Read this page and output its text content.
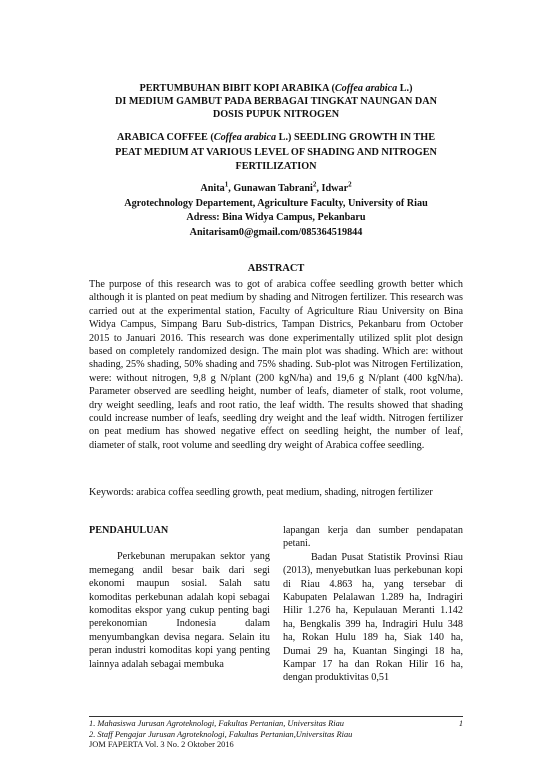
PERTUMBUHAN BIBIT KOPI ARABIKA (Coffea arabica L.)
DI MEDIUM GAMBUT PADA BERBAGAI TINGKAT NAUNGAN DAN
DOSIS PUPUK NITROGEN

ARABICA COFFEE (Coffea arabica L.) SEEDLING GROWTH IN THE
PEAT MEDIUM AT VARIOUS LEVEL OF SHADING AND NITROGEN
FERTILIZATION

Anita$^1$, Gunawan Tabrani$^2$, Idwar$^2$
Agrotechnology Departement, Agriculture Faculty, University of Riau
Adress: Bina Widya Campus, Pekanbaru
Anitarisam0@gmail.com/085364519844
ABSTRACT

The purpose of this research was to got of arabica coffee seedling growth better which although it is planted on peat medium by shading and Nitrogen fertilizer. This research was carried out at the experimental station, Faculty of Agriculture Riau University on Bina Widya Campus, Simpang Baru Sub-districs, Tampan Districs, Pekanbaru from October 2015 to Januari 2016. This research was done experimentally utilized split plot design based on completely randomized design. The main plot was shading. Which are: without shading, 25% shading, 50% shading and 75% shading. Sub-plot was Nitrogen Fertilization, were: without nitrogen, 9,8 g N/plant (200 kgN/ha) and 19,6 g N/plant (400 kgN/ha). Parameter observed are seedling height, number of leafs, diameter of stalk, root volume, dry weight seedling, leafs and root ratio, the leaf width. The results showed that shading could increase number of leafs, seedling dry weight and the leaf width. Nitrogen fertilizer on peat medium has showed negative effect on seedling height, the number of leaf, diameter of stalk, root volume and seedling dry weight of Arabica coffee seedling.

Keywords: arabica coffea seedling growth, peat medium, shading, nitrogen fertilizer

PENDAHULUAN

Perkebunan merupakan sektor yang memegang andil besar baik dari segi ekonomi maupun sosial. Salah satu komoditas perkebunan adalah kopi sebagai komoditas ekspor yang cukup penting bagi perekonomian Indonesia dalam menyumbangkan devisa negara. Selain itu peran industri komoditas kopi yang penting lainnya adalah sebagai membuka

lapangan kerja dan sumber pendapatan petani.

Badan Pusat Statistik Provinsi Riau (2013), menyebutkan luas perkebunan kopi di Riau 4.863 ha, yang tersebar di Kabupaten Pelalawan 1.289 ha, Indragiri Hilir 1.276 ha, Kepulauan Meranti 1.142 ha, Bengkalis 399 ha, Indragiri Hulu 348 ha, Rokan Hulu 189 ha, Siak 140 ha, Dumai 29 ha, Kuantan Singingi 18 ha, Kampar 17 ha dan Rokan Hilir 16 ha, dengan produktivitas 0,51

1. Mahasiswa Jurusan Agroteknologi, Fakultas Pertanian, Universitas Riau	1
2. Staff Pengajar Jurusan Agroteknologi, Fakultas Pertanian,Universitas Riau
JOM FAPERTA Vol. 3 No. 2 Oktober 2016
